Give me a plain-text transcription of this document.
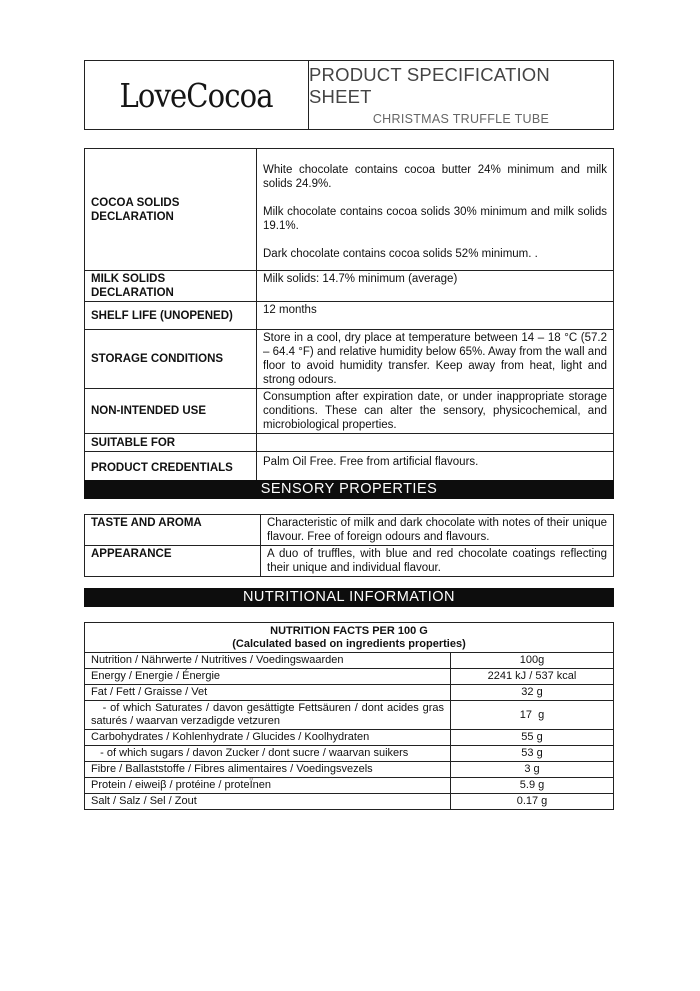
LoveCocoa
PRODUCT SPECIFICATION SHEET
CHRISTMAS TRUFFLE TUBE
COCOA SOLIDS DECLARATION	White chocolate contains cocoa butter 24% minimum and milk solids 24.9%.

Milk chocolate contains cocoa solids 30% minimum and milk solids 19.1%.

Dark chocolate contains cocoa solids 52% minimum. .

MILK SOLIDS DECLARATION	Milk solids: 14.7% minimum (average)
SHELF LIFE (UNOPENED)	12 months
STORAGE CONDITIONS	Store in a cool, dry place at temperature between 14 – 18 °C (57.2 – 64.4 °F) and relative humidity below 65%. Away from the wall and floor to avoid humidity transfer. Keep away from heat, light and strong odours.
NON-INTENDED USE	Consumption after expiration date, or under inappropriate storage conditions. These can alter the sensory, physicochemical, and microbiological properties.
SUITABLE FOR	
PRODUCT CREDENTIALS	Palm Oil Free. Free from artificial flavours.
SENSORY PROPERTIES
TASTE AND AROMA	Characteristic of milk and dark chocolate with notes of their unique flavour. Free of foreign odours and flavours.
APPEARANCE	A duo of truffles, with blue and red chocolate coatings reflecting their unique and individual flavour.
NUTRITIONAL INFORMATION
NUTRITION FACTS PER 100 G
(Calculated based on ingredients properties)	

Nutrition / Nährwerte / Nutritives / Voedingswaarden	100g
Energy / Energie / Énergie	2241 kJ / 537 kcal
Fat / Fett / Graisse / Vet	32 g
- of which Saturates / davon gesättigte Fettsäuren / dont acides gras saturés / waarvan verzadigde vetzuren	17  g
Carbohydrates / Kohlenhydrate / Glucides / Koolhydraten	55 g
- of which sugars / davon Zucker / dont sucre / waarvan suikers	53 g
Fibre / Ballaststoffe / Fibres alimentaires / Voedingsvezels	3 g
Protein / eiweiβ / protéine / proteÏnen	5.9 g
Salt / Salz / Sel / Zout	0.17 g
